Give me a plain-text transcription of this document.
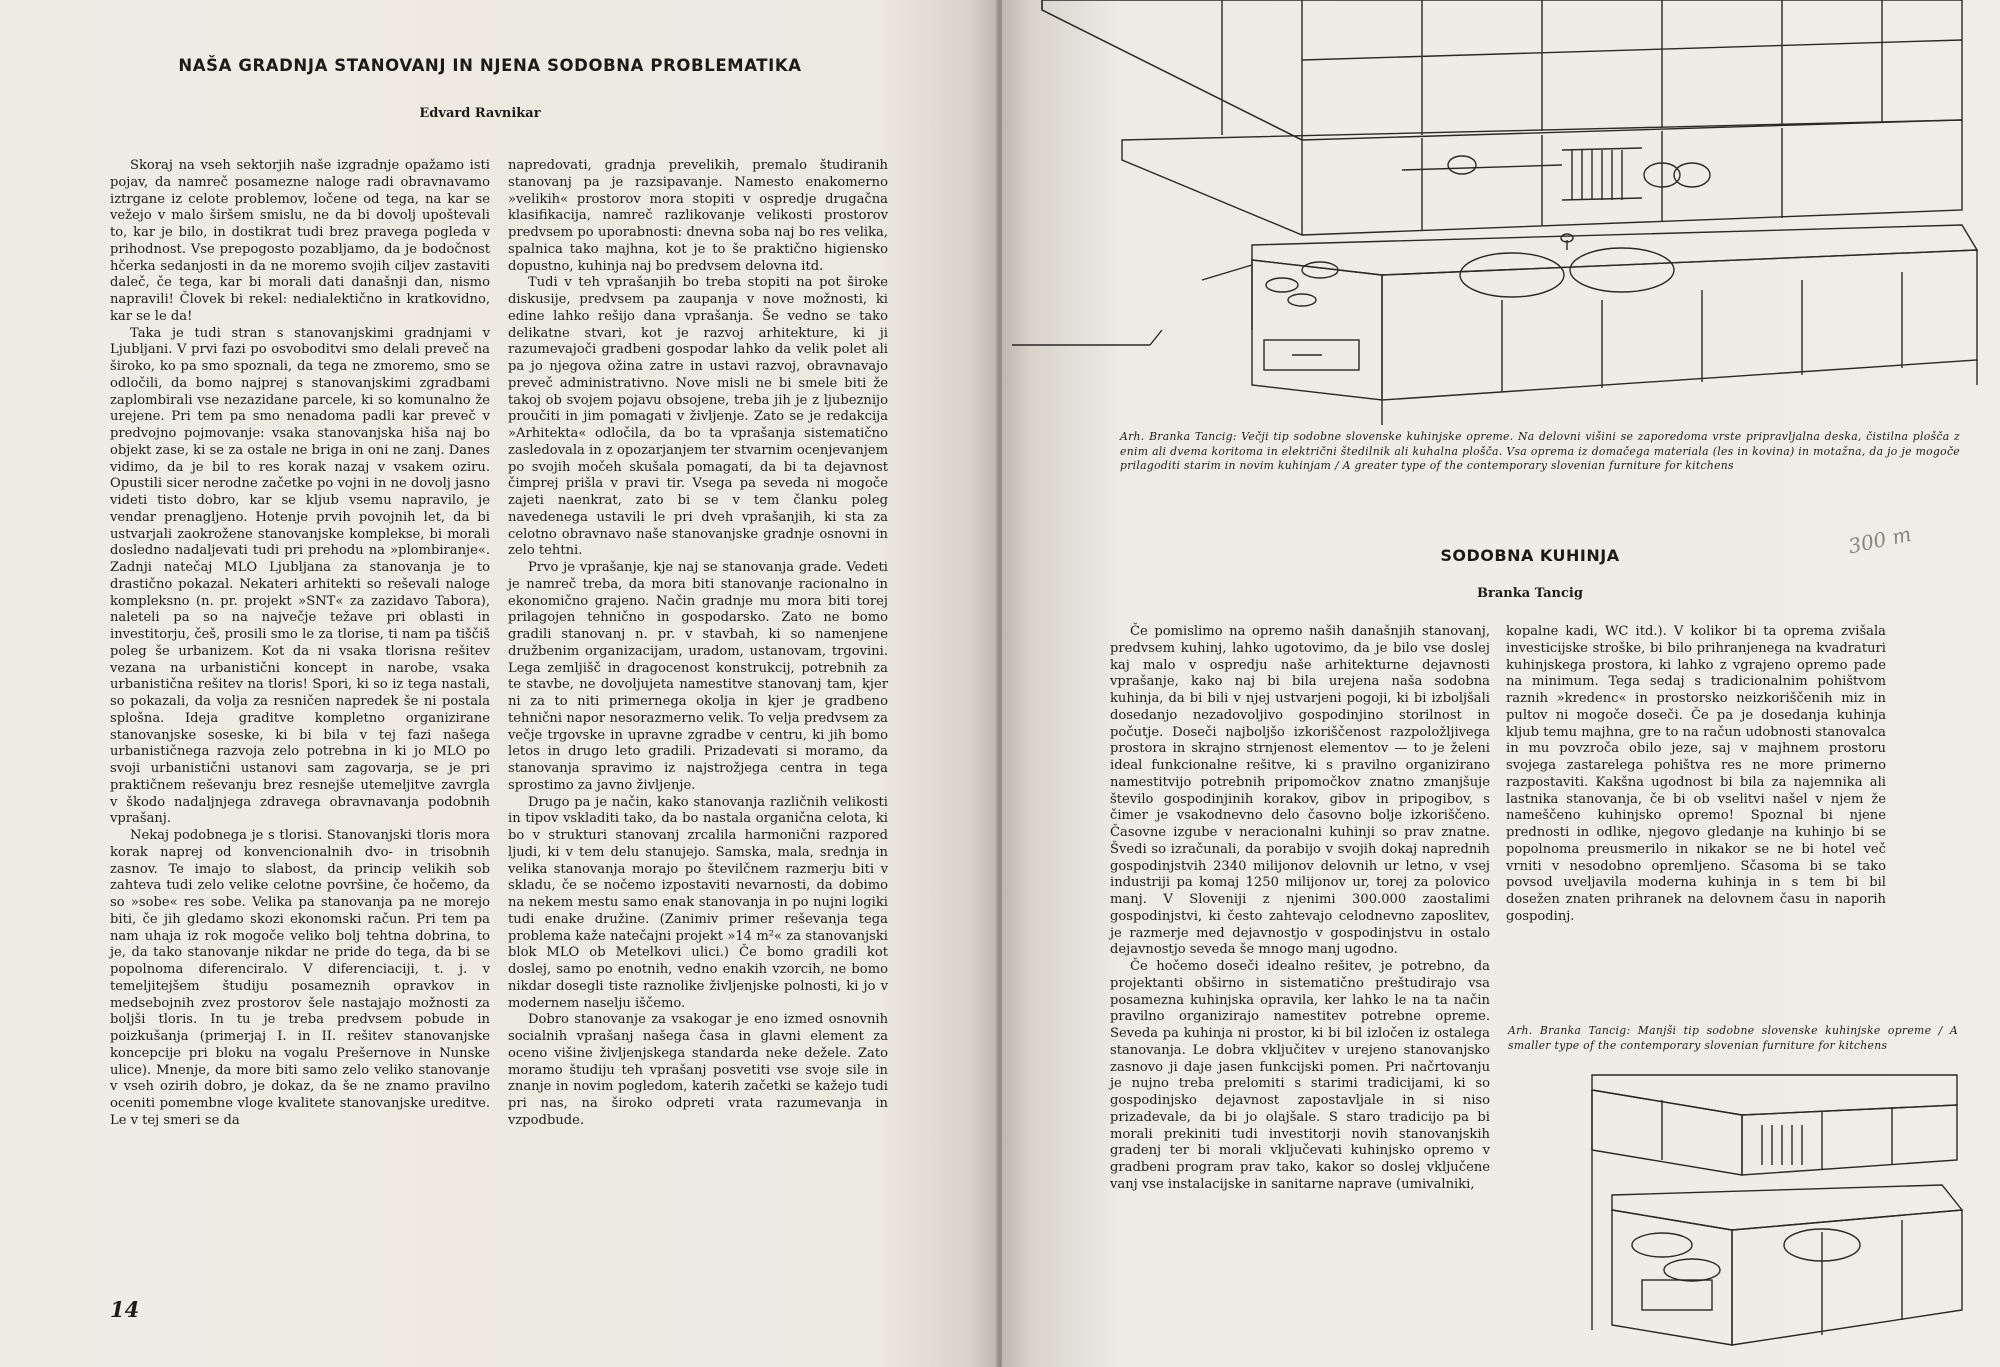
NAŠA GRADNJA STANOVANJ IN NJENA SODOBNA PROBLEMATIKA
Edvard Ravnikar

Skoraj na vseh sektorjih naše izgradnje opažamo isti pojav, da namreč posamezne naloge radi obravnavamo iztrgane iz celote problemov, ločene od tega, na kar se vežejo v malo širšem smislu, ne da bi dovolj upoštevali to, kar je bilo, in dostikrat tudi brez pravega pogleda v prihodnost. Vse prepogosto pozabljamo, da je bodočnost hčerka sedanjosti in da ne moremo svojih ciljev zastaviti daleč, če tega, kar bi morali dati današnji dan, nismo napravili! Človek bi rekel: nedialektično in kratkovidno, kar se le da!

Taka je tudi stran s stanovanjskimi gradnjami v Ljubljani. V prvi fazi po osvoboditvi smo delali preveč na široko, ko pa smo spoznali, da tega ne zmoremo, smo se odločili, da bomo najprej s stanovanjskimi zgradbami zaplombirali vse nezazidane parcele, ki so komunalno že urejene. Pri tem pa smo nenadoma padli kar preveč v predvojno pojmovanje: vsaka stanovanjska hiša naj bo objekt zase, ki se za ostale ne briga in oni ne zanj. Danes vidimo, da je bil to res korak nazaj v vsakem oziru. Opustili sicer nerodne začetke po vojni in ne dovolj jasno videti tisto dobro, kar se kljub vsemu napravilo, je vendar prenagljeno. Hotenje prvih povojnih let, da bi ustvarjali zaokrožene stanovanjske komplekse, bi morali dosledno nadaljevati tudi pri prehodu na »plombiranje«. Zadnji natečaj MLO Ljubljana za stanovanja je to drastično pokazal. Nekateri arhitekti so reševali naloge kompleksno (n. pr. projekt »SNT« za zazidavo Tabora), naleteli pa so na največje težave pri oblasti in investitorju, češ, prosili smo le za tlorise, ti nam pa tiščiš poleg še urbanizem. Kot da ni vsaka tlorisna rešitev vezana na urbanistični koncept in narobe, vsaka urbanistična rešitev na tloris! Spori, ki so iz tega nastali, so pokazali, da volja za resničen napredek še ni postala splošna. Ideja graditve kompletno organizirane stanovanjske soseske, ki bi bila v tej fazi našega urbanističnega razvoja zelo potrebna in ki jo MLO po svoji urbanistični ustanovi sam zagovarja, se je pri praktičnem reševanju brez resnejše utemeljitve zavrgla v škodo nadaljnjega zdravega obravnavanja podobnih vprašanj.

Nekaj podobnega je s tlorisi. Stanovanjski tloris mora korak naprej od konvencionalnih dvo- in trisobnih zasnov. Te imajo to slabost, da princip velikih sob zahteva tudi zelo velike celotne površine, če hočemo, da so »sobe« res sobe. Velika pa stanovanja pa ne morejo biti, če jih gledamo skozi ekonomski račun. Pri tem pa nam uhaja iz rok mogoče veliko bolj tehtna dobrina, to je, da tako stanovanje nikdar ne pride do tega, da bi se popolnoma diferenciralo. V diferenciaciji, t. j. v temeljitejšem študiju posameznih opravkov in medsebojnih zvez prostorov šele nastajajo možnosti za boljši tloris. In tu je treba predvsem pobude in poizkušanja (primerjaj I. in II. rešitev stanovanjske koncepcije pri bloku na vogalu Prešernove in Nunske ulice). Mnenje, da more biti samo zelo veliko stanovanje v vseh ozirih dobro, je dokaz, da še ne znamo pravilno oceniti pomembne vloge kvalitete stanovanjske ureditve. Le v tej smeri se da

napredovati, gradnja prevelikih, premalo študiranih stanovanj pa je razsipavanje. Namesto enakomerno »velikih« prostorov mora stopiti v ospredje drugačna klasifikacija, namreč razlikovanje velikosti prostorov predvsem po uporabnosti: dnevna soba naj bo res velika, spalnica tako majhna, kot je to še praktično higiensko dopustno, kuhinja naj bo predvsem delovna itd.

Tudi v teh vprašanjih bo treba stopiti na pot široke diskusije, predvsem pa zaupanja v nove možnosti, ki edine lahko rešijo dana vprašanja. Še vedno se tako delikatne stvari, kot je razvoj arhitekture, ki ji razumevajoči gradbeni gospodar lahko da velik polet ali pa jo njegova ožina zatre in ustavi razvoj, obravnavajo preveč administrativno. Nove misli ne bi smele biti že takoj ob svojem pojavu obsojene, treba jih je z ljubeznijo proučiti in jim pomagati v življenje. Zato se je redakcija »Arhitekta« odločila, da bo ta vprašanja sistematično zasledovala in z opozarjanjem ter stvarnim ocenjevanjem po svojih močeh skušala pomagati, da bi ta dejavnost čimprej prišla v pravi tir. Vsega pa seveda ni mogoče zajeti naenkrat, zato bi se v tem članku poleg navedenega ustavili le pri dveh vprašanjih, ki sta za celotno obravnavo naše stanovanjske gradnje osnovni in zelo tehtni.

Prvo je vprašanje, kje naj se stanovanja grade. Vedeti je namreč treba, da mora biti stanovanje racionalno in ekonomično grajeno. Način gradnje mu mora biti torej prilagojen tehnično in gospodarsko. Zato ne bomo gradili stanovanj n. pr. v stavbah, ki so namenjene družbenim organizacijam, uradom, ustanovam, trgovini. Lega zemljišč in dragocenost konstrukcij, potrebnih za te stavbe, ne dovoljujeta namestitve stanovanj tam, kjer ni za to niti primernega okolja in kjer je gradbeno tehnični napor nesorazmerno velik. To velja predvsem za večje trgovske in upravne zgradbe v centru, ki jih bomo letos in drugo leto gradili. Prizadevati si moramo, da stanovanja spravimo iz najstrožjega centra in tega sprostimo za javno življenje.

Drugo pa je način, kako stanovanja različnih velikosti in tipov vskladiti tako, da bo nastala organična celota, ki bo v strukturi stanovanj zrcalila harmonični razpored ljudi, ki v tem delu stanujejo. Samska, mala, srednja in velika stanovanja morajo po številčnem razmerju biti v skladu, če se nočemo izpostaviti nevarnosti, da dobimo na nekem mestu samo enak stanovanja in po nujni logiki tudi enake družine. (Zanimiv primer reševanja tega problema kaže natečajni projekt »14 m²« za stanovanjski blok MLO ob Metelkovi ulici.) Če bomo gradili kot doslej, samo po enotnih, vedno enakih vzorcih, ne bomo nikdar dosegli tiste raznolike življenjske polnosti, ki jo v modernem naselju iščemo.

Dobro stanovanje za vsakogar je eno izmed osnovnih socialnih vprašanj našega časa in glavni element za oceno višine življenjskega standarda neke dežele. Zato moramo študiju teh vprašanj posvetiti vse svoje sile in znanje in novim pogledom, katerih začetki se kažejo tudi pri nas, na široko odpreti vrata razumevanja in vzpodbude.

14
Arh. Branka Tancig: Večji tip sodobne slovenske kuhinjske opreme. Na delovni višini se zaporedoma vrste pripravljalna deska, čistilna plošča z enim ali dvema koritoma in električni štedilnik ali kuhalna plošča. Vsa oprema iz domačega materiala (les in kovina) in motažna, da jo je mogoče prilagoditi starim in novim kuhinjam / A greater type of the contemporary slovenian furniture for kitchens
SODOBNA KUHINJA
Branka Tancig
300 m

Če pomislimo na opremo naših današnjih stanovanj, predvsem kuhinj, lahko ugotovimo, da je bilo vse doslej kaj malo v ospredju naše arhitekturne dejavnosti vprašanje, kako naj bi bila urejena naša sodobna kuhinja, da bi bili v njej ustvarjeni pogoji, ki bi izboljšali dosedanjo nezadovoljivo gospodinjino storilnost in počutje. Doseči najboljšo izkoriščenost razpoložljivega prostora in skrajno strnjenost elementov — to je želeni ideal funkcionalne rešitve, ki s pravilno organizirano namestitvijo potrebnih pripomočkov znatno zmanjšuje število gospodinjinih korakov, gibov in pripogibov, s čimer je vsakodnevno delo časovno bolje izkoriščeno. Časovne izgube v neracionalni kuhinji so prav znatne. Švedi so izračunali, da porabijo v svojih dokaj naprednih gospodinjstvih 2340 milijonov delovnih ur letno, v vsej industriji pa komaj 1250 milijonov ur, torej za polovico manj. V Sloveniji z njenimi 300.000 zaostalimi gospodinjstvi, ki često zahtevajo celodnevno zaposlitev, je razmerje med dejavnostjo v gospodinjstvu in ostalo dejavnostjo seveda še mnogo manj ugodno.

Če hočemo doseči idealno rešitev, je potrebno, da projektanti obširno in sistematično preštudirajo vsa posamezna kuhinjska opravila, ker lahko le na ta način pravilno organizirajo namestitev potrebne opreme. Seveda pa kuhinja ni prostor, ki bi bil izločen iz ostalega stanovanja. Le dobra vključitev v urejeno stanovanjsko zasnovo ji daje jasen funkcijski pomen. Pri načrtovanju je nujno treba prelomiti s starimi tradicijami, ki so gospodinjsko dejavnost zapostavljale in si niso prizadevale, da bi jo olajšale. S staro tradicijo pa bi morali prekiniti tudi investitorji novih stanovanjskih gradenj ter bi morali vključevati kuhinjsko opremo v gradbeni program prav tako, kakor so doslej vključene vanj vse instalacijske in sanitarne naprave (umivalniki,

kopalne kadi, WC itd.). V kolikor bi ta oprema zvišala investicijske stroške, bi bilo prihranjenega na kvadraturi kuhinjskega prostora, ki lahko z vgrajeno opremo pade na minimum. Tega sedaj s tradicionalnim pohištvom raznih »kredenc« in prostorsko neizkoriščenih miz in pultov ni mogoče doseči. Če pa je dosedanja kuhinja kljub temu majhna, gre to na račun udobnosti stanovalca in mu povzroča obilo jeze, saj v majhnem prostoru svojega zastarelega pohištva res ne more primerno razpostaviti. Kakšna ugodnost bi bila za najemnika ali lastnika stanovanja, če bi ob vselitvi našel v njem že nameščeno kuhinjsko opremo! Spoznal bi njene prednosti in odlike, njegovo gledanje na kuhinjo bi se popolnoma preusmerilo in nikakor se ne bi hotel več vrniti v nesodobno opremljeno. Sčasoma bi se tako povsod uveljavila moderna kuhinja in s tem bi bil dosežen znaten prihranek na delovnem času in naporih gospodinj.

Arh. Branka Tancig: Manjši tip sodobne slovenske kuhinjske opreme / A smaller type of the contemporary slovenian furniture for kitchens
